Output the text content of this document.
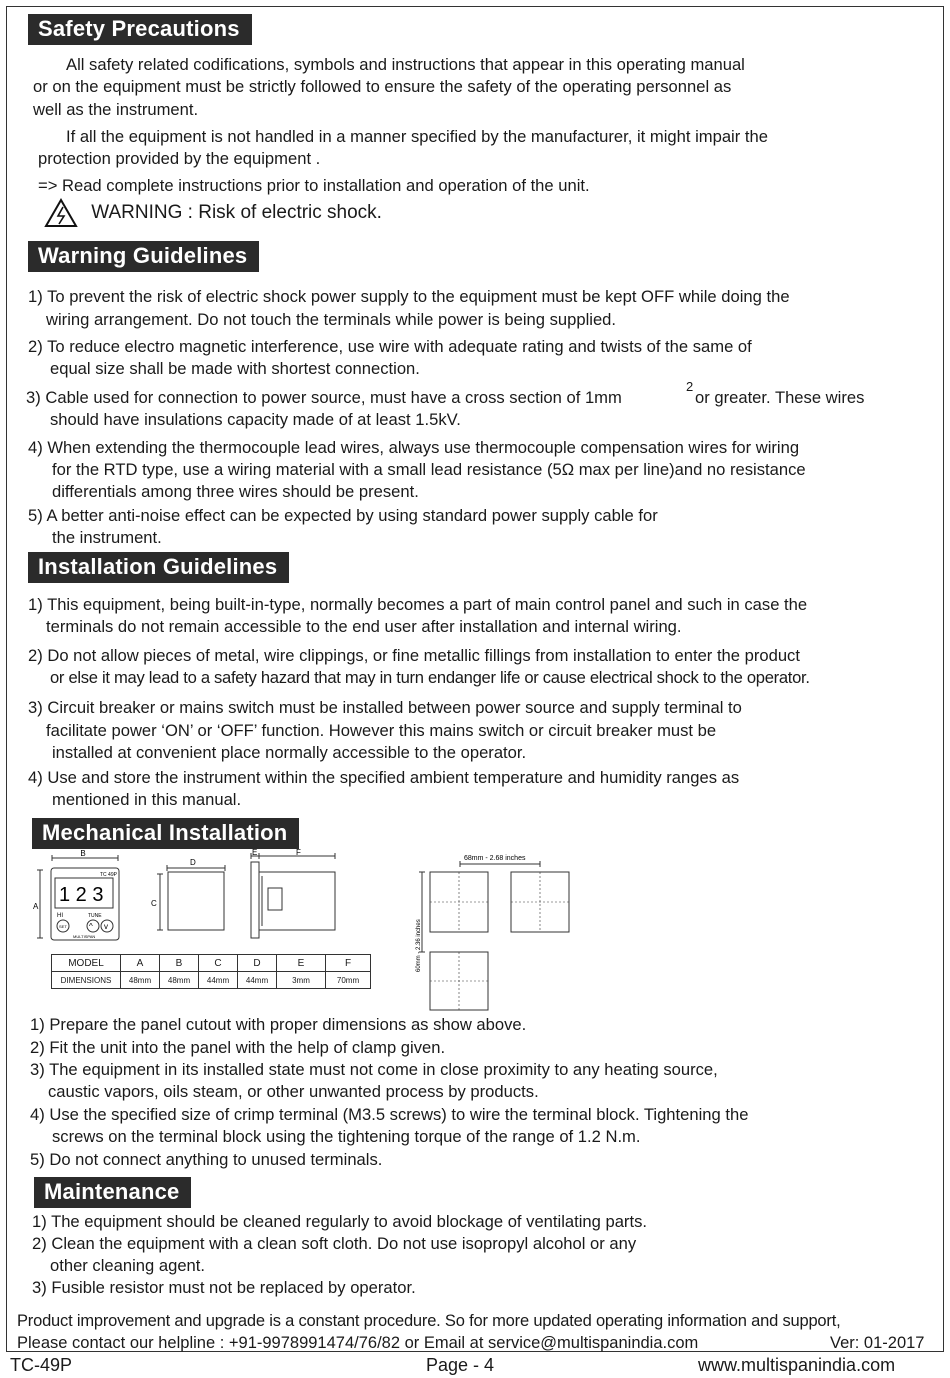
Safety Precautions
All safety related codifications, symbols and instructions that appear in this operating manual
or on the equipment must be strictly followed to ensure the safety of the operating personnel as
well as the instrument.
If all the equipment is not handled in a manner specified by the manufacturer, it might impair the
protection provided by the equipment .
=> Read complete instructions prior to installation and operation of the unit.
WARNING : Risk of electric shock.
Warning Guidelines
1) To prevent the risk of electric shock power supply to the equipment must be kept OFF while doing the
wiring arrangement. Do not touch the terminals while power is being supplied.
2) To reduce electro magnetic interference, use wire with adequate rating and twists of the same of
equal size shall be made with shortest connection.
3) Cable used for connection to power source, must have a cross section of 1mm
2
or greater. These wires
should have insulations capacity made of at least 1.5kV.
4) When extending the thermocouple lead wires, always use thermocouple compensation wires for wiring
for the RTD type, use a wiring material with a small lead resistance (5Ω max per line)and no resistance
differentials among three wires should be present.
5) A better anti-noise effect can be expected by using standard power supply cable for
the instrument.
Installation Guidelines
1) This equipment, being built-in-type, normally becomes a part of main control panel and such in case the
terminals do not remain accessible to the end user after installation and internal wiring.
2) Do not allow pieces of metal, wire clippings, or fine metallic fillings from installation to enter the product
or else it may lead to a safety hazard that may in turn endanger life or cause electrical shock to the operator.
3) Circuit breaker or mains switch must be installed between power source and supply terminal to
facilitate power ‘ON’ or ‘OFF’ function. However this mains switch or circuit breaker must be
installed at convenient place normally accessible to the operator.
4) Use and store the instrument within the specified ambient temperature and humidity ranges as
mentioned in this manual.
Mechanical Installation
B
A
TC 49P
1 2 3
HI	TUNE
SET
MULTISPAN
^ v
D
C
E	F
68mm - 2.68 inches
60mm - 2.36 inches
MODEL	A	B	C	D	E	F
DIMENSIONS	48mm	48mm	44mm	44mm	3mm	70mm
1) Prepare the panel cutout with proper dimensions as show above.
2) Fit the unit into the panel with the help of clamp given.
3) The equipment in its installed state must not come in close proximity to any heating source,
caustic vapors, oils steam, or other unwanted process by products.
4) Use the specified size of crimp terminal (M3.5 screws) to wire the terminal block. Tightening the
screws on the terminal block using the tightening torque of the range of 1.2 N.m.
5) Do not connect anything to unused terminals.
Maintenance
1) The equipment should be cleaned regularly to avoid blockage of ventilating parts.
2) Clean the equipment with a clean soft cloth. Do not use isopropyl alcohol or any
other cleaning agent.
3) Fusible resistor must not be replaced by operator.
Product improvement and upgrade is a constant procedure. So for more updated operating information and support,
Please contact our helpline : +91-9978991474/76/82 or Email at service@multispanindia.com	Ver: 01-2017
TC-49P	Page - 4	www.multispanindia.com
